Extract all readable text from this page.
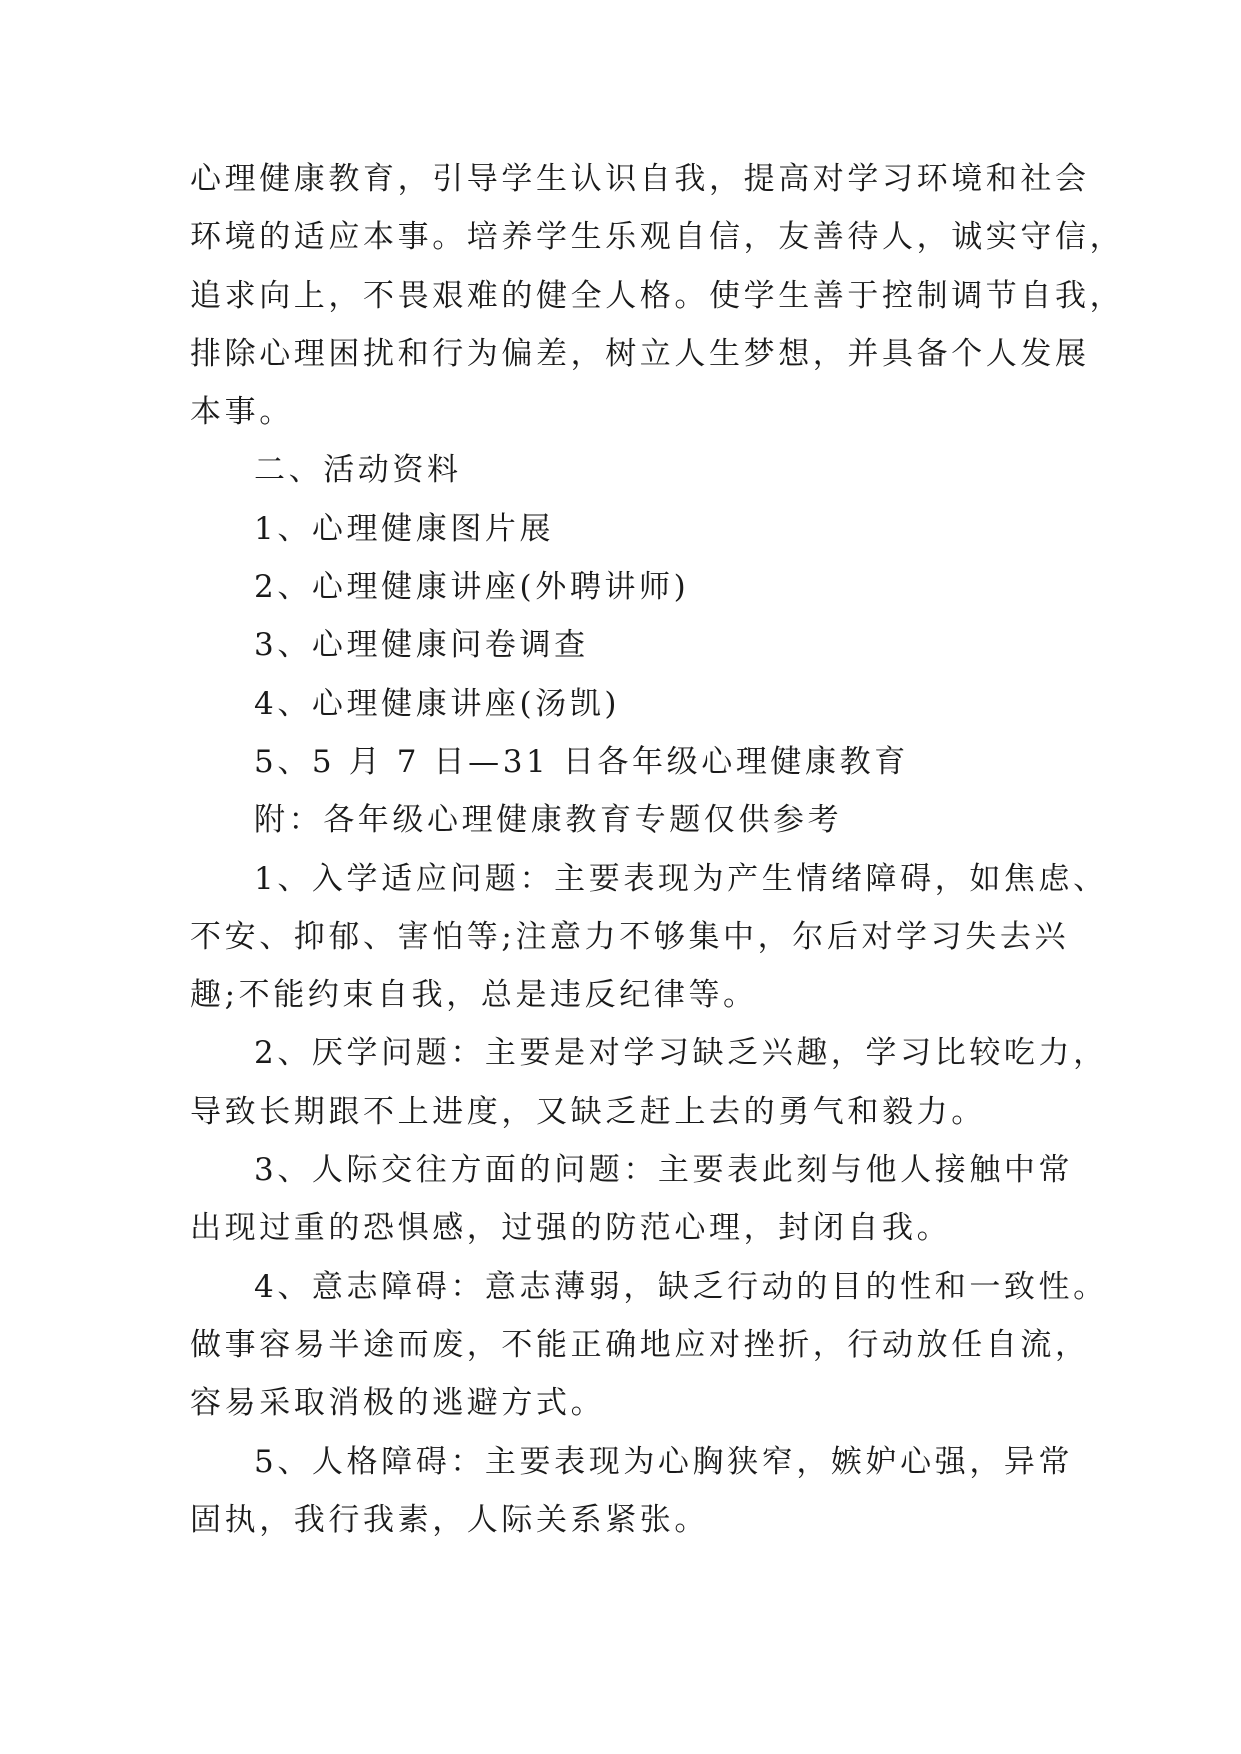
心理健康教育，引导学生认识自我，提高对学习环境和社会
环境的适应本事。培养学生乐观自信，友善待人，诚实守信，
追求向上，不畏艰难的健全人格。使学生善于控制调节自我，
排除心理困扰和行为偏差，树立人生梦想，并具备个人发展
本事。
二、活动资料
1、心理健康图片展
2、心理健康讲座(外聘讲师)
3、心理健康问卷调查
4、心理健康讲座(汤凯)
5、5 月 7 日—31 日各年级心理健康教育
附：各年级心理健康教育专题仅供参考
1、入学适应问题：主要表现为产生情绪障碍，如焦虑、
不安、抑郁、害怕等;注意力不够集中，尔后对学习失去兴
趣;不能约束自我，总是违反纪律等。
2、厌学问题：主要是对学习缺乏兴趣，学习比较吃力，
导致长期跟不上进度，又缺乏赶上去的勇气和毅力。
3、人际交往方面的问题：主要表此刻与他人接触中常
出现过重的恐惧感，过强的防范心理，封闭自我。
4、意志障碍：意志薄弱，缺乏行动的目的性和一致性。
做事容易半途而废，不能正确地应对挫折，行动放任自流，
容易采取消极的逃避方式。
5、人格障碍：主要表现为心胸狭窄，嫉妒心强，异常
固执，我行我素，人际关系紧张。
